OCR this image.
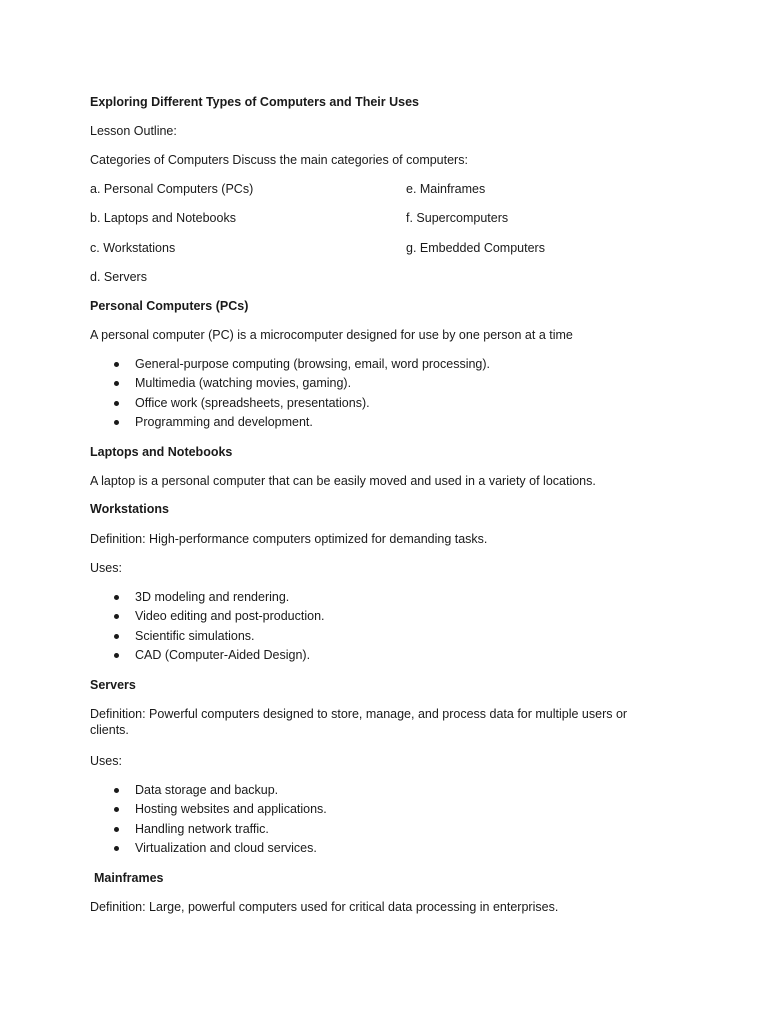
Exploring Different Types of Computers and Their Uses
Lesson Outline:
Categories of Computers Discuss the main categories of computers:
a. Personal Computers (PCs)
b. Laptops and Notebooks
c. Workstations
d. Servers
e. Mainframes
f. Supercomputers
g. Embedded Computers
Personal Computers (PCs)
A personal computer (PC) is a microcomputer designed for use by one person at a time
General-purpose computing (browsing, email, word processing).
Multimedia (watching movies, gaming).
Office work (spreadsheets, presentations).
Programming and development.
Laptops and Notebooks
A laptop is a personal computer that can be easily moved and used in a variety of locations.
Workstations
Definition: High-performance computers optimized for demanding tasks.
Uses:
3D modeling and rendering.
Video editing and post-production.
Scientific simulations.
CAD (Computer-Aided Design).
Servers
Definition: Powerful computers designed to store, manage, and process data for multiple users or clients.
Uses:
Data storage and backup.
Hosting websites and applications.
Handling network traffic.
Virtualization and cloud services.
Mainframes
Definition: Large, powerful computers used for critical data processing in enterprises.
